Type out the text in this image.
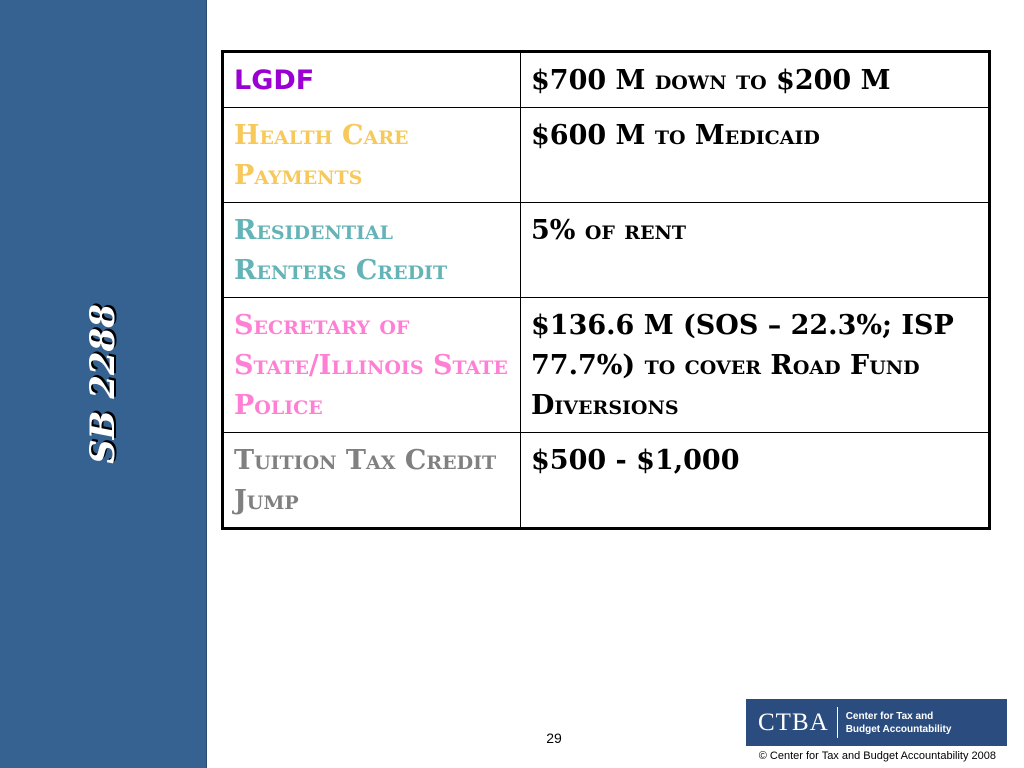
SB 2288
LGDF	$700 M down to $200 M
Health Care Payments	$600 M to Medicaid
Residential Renters Credit	5% of rent
Secretary of State/Illinois State Police	$136.6 M (SOS – 22.3%; ISP 77.7%) to cover Road Fund Diversions
Tuition Tax Credit Jump	$500 - $1,000
29
CTBA	Center for Tax and
Budget Accountability
© Center for Tax and Budget Accountability 2008
